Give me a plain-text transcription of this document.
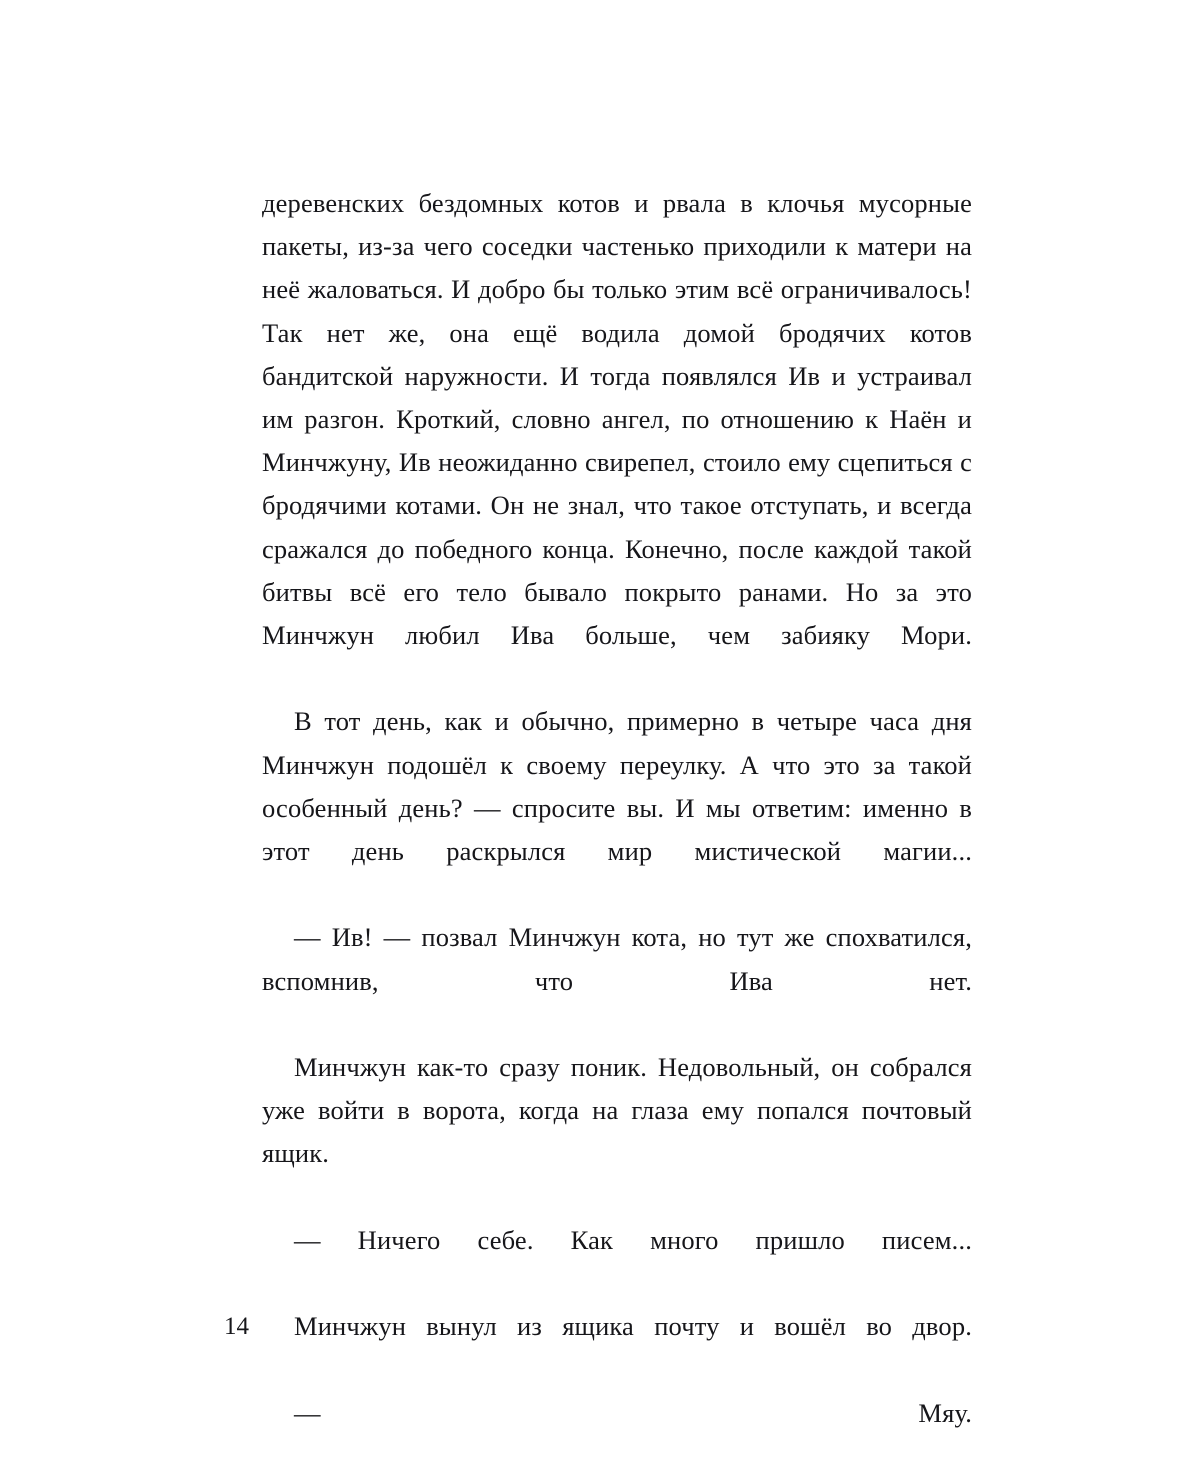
деревенских бездомных котов и рвала в клочья мусорные пакеты, из-за чего соседки частенько приходили к матери на неё жаловаться. И добро бы только этим всё ограничивалось! Так нет же, она ещё водила домой бродячих котов бандитской наружности. И тогда появлялся Ив и устраивал им разгон. Кроткий, словно ангел, по отношению к Наён и Минчжуну, Ив неожиданно свирепел, стоило ему сцепиться с бродячими котами. Он не знал, что такое отступать, и всегда сражался до победного конца. Конечно, после каждой такой битвы всё его тело бывало покрыто ранами. Но за это Минчжун любил Ива больше, чем забияку Мори.

В тот день, как и обычно, примерно в четыре часа дня Минчжун подошёл к своему переулку. А что это за такой особенный день? — спросите вы. И мы ответим: именно в этот день раскрылся мир мистической магии...

— Ив! — позвал Минчжун кота, но тут же спохватился, вспомнив, что Ива нет.

Минчжун как-то сразу поник. Недовольный, он собрался уже войти в ворота, когда на глаза ему попался почтовый ящик.

— Ничего себе. Как много пришло писем...

Минчжун вынул из ящика почту и вошёл во двор.

— Мяу.

14
